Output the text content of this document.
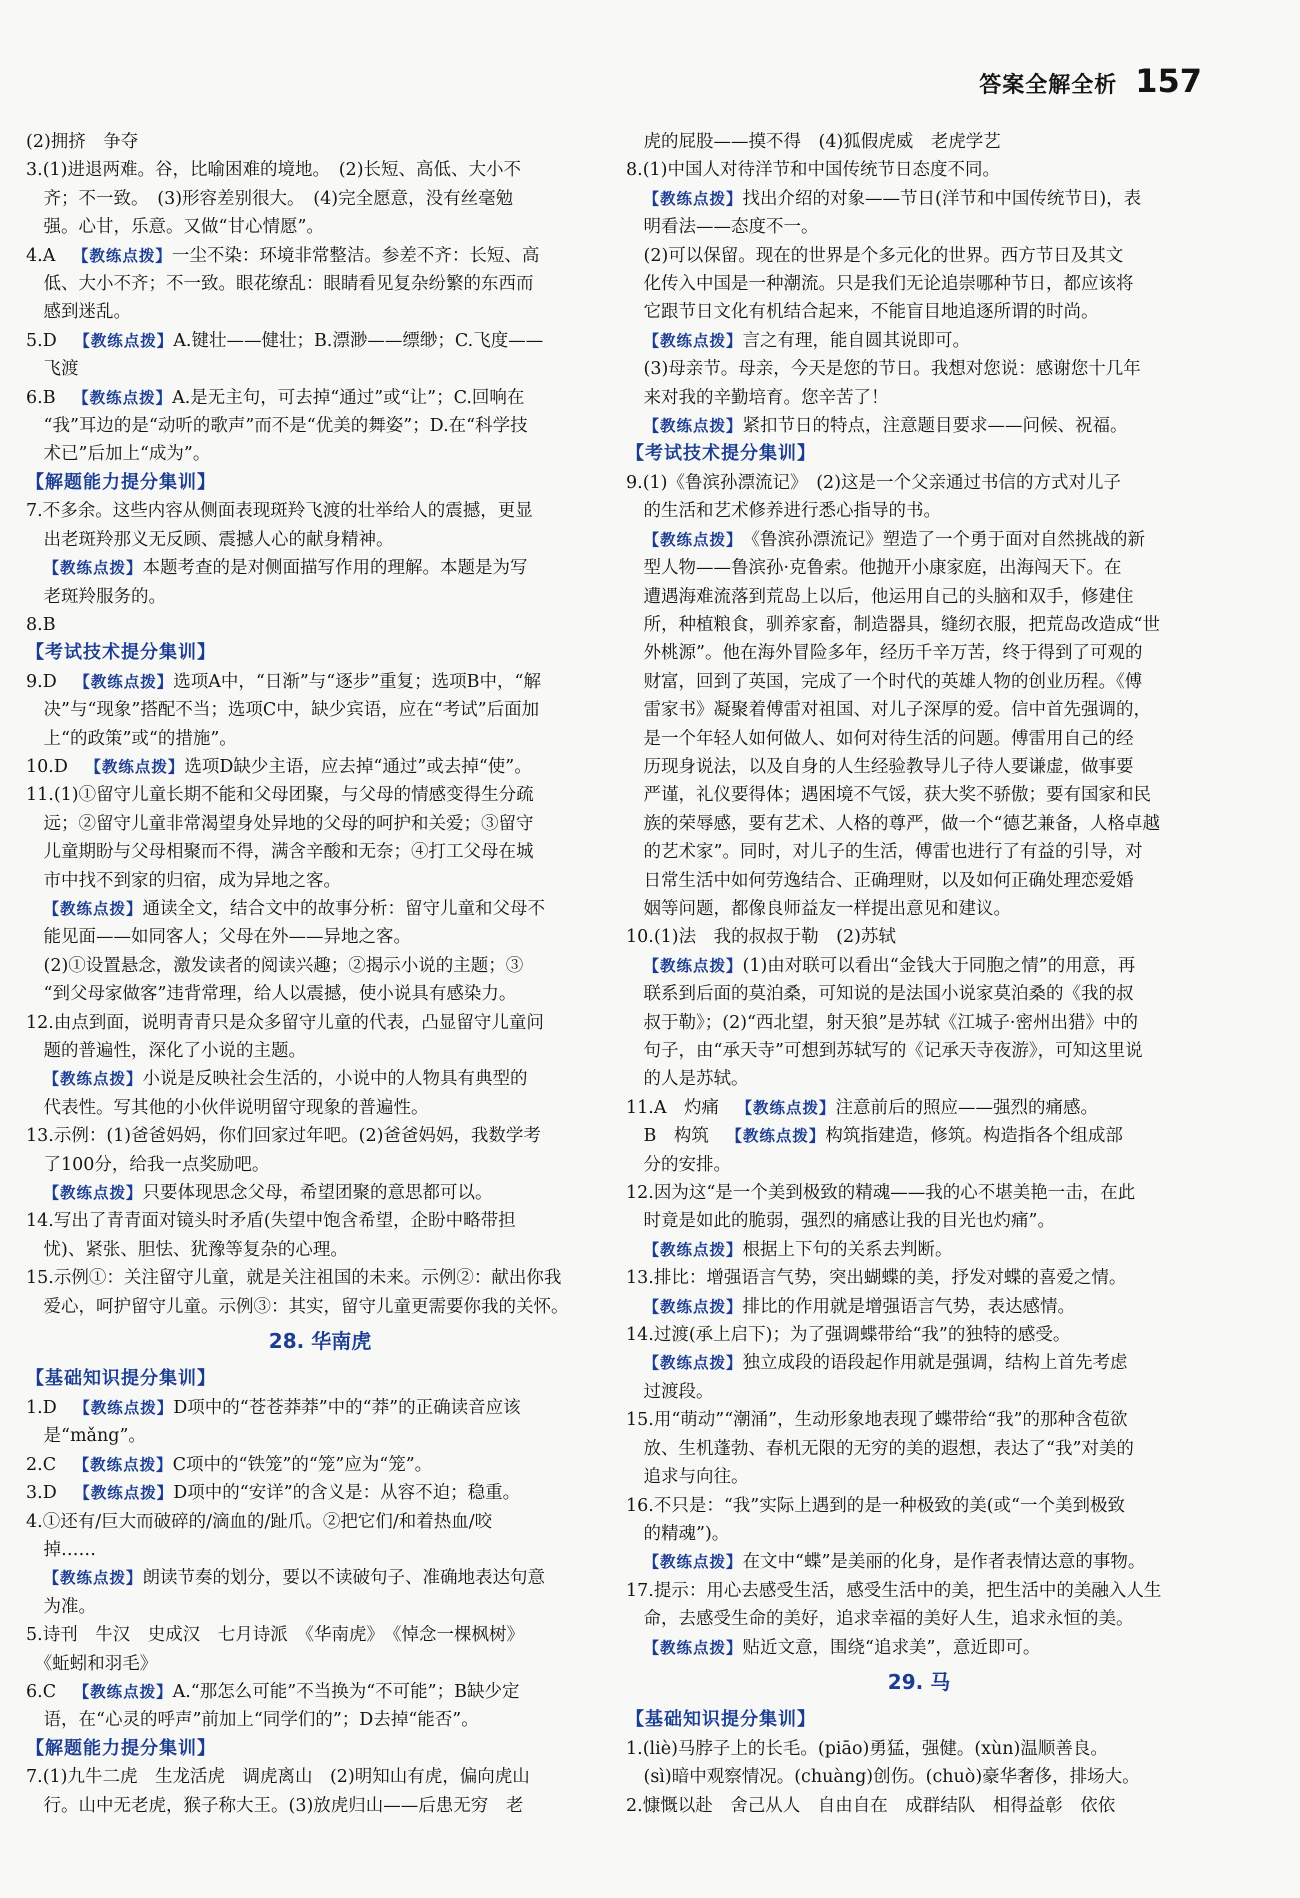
答案全解全析 157
(2)拥挤　争夺
3.(1)进退两难。谷，比喻困难的境地。　(2)长短、高低、大小不
　齐；不一致。　(3)形容差别很大。　(4)完全愿意，没有丝毫勉
　强。心甘，乐意。又做“甘心情愿”。
4.A　【教练点拨】一尘不染：环境非常整洁。参差不齐：长短、高
　低、大小不齐；不一致。眼花缭乱：眼睛看见复杂纷繁的东西而
　感到迷乱。
5.D　【教练点拨】A.键壮——健壮；B.漂渺——缥缈；C.飞度——
　飞渡
6.B　【教练点拨】A.是无主句，可去掉“通过”或“让”；C.回响在
　“我”耳边的是“动听的歌声”而不是“优美的舞姿”；D.在“科学技
　术已”后加上“成为”。
【解题能力提分集训】
7.不多余。这些内容从侧面表现斑羚飞渡的壮举给人的震撼，更显
　出老斑羚那义无反顾、震撼人心的献身精神。
　【教练点拨】本题考查的是对侧面描写作用的理解。本题是为写
　老斑羚服务的。
8.B
【考试技术提分集训】
9.D　【教练点拨】选项A中，“日渐”与“逐步”重复；选项B中，“解
　决”与“现象”搭配不当；选项C中，缺少宾语，应在“考试”后面加
　上“的政策”或“的措施”。
10.D　【教练点拨】选项D缺少主语，应去掉“通过”或去掉“使”。
11.(1)①留守儿童长期不能和父母团聚，与父母的情感变得生分疏
　远；②留守儿童非常渴望身处异地的父母的呵护和关爱；③留守
　儿童期盼与父母相聚而不得，满含辛酸和无奈；④打工父母在城
　市中找不到家的归宿，成为异地之客。
　【教练点拨】通读全文，结合文中的故事分析：留守儿童和父母不
　能见面——如同客人；父母在外——异地之客。
　(2)①设置悬念，激发读者的阅读兴趣；②揭示小说的主题；③
　“到父母家做客”违背常理，给人以震撼，使小说具有感染力。
12.由点到面，说明青青只是众多留守儿童的代表，凸显留守儿童问
　题的普遍性，深化了小说的主题。
　【教练点拨】小说是反映社会生活的，小说中的人物具有典型的
　代表性。写其他的小伙伴说明留守现象的普遍性。
13.示例：(1)爸爸妈妈，你们回家过年吧。(2)爸爸妈妈，我数学考
　了100分，给我一点奖励吧。
　【教练点拨】只要体现思念父母，希望团聚的意思都可以。
14.写出了青青面对镜头时矛盾(失望中饱含希望，企盼中略带担
　忧)、紧张、胆怯、犹豫等复杂的心理。
15.示例①：关注留守儿童，就是关注祖国的未来。示例②：献出你我
　爱心，呵护留守儿童。示例③：其实，留守儿童更需要你我的关怀。
28. 华南虎
【基础知识提分集训】
1.D　【教练点拨】D项中的“苍苍莽莽”中的“莽”的正确读音应该
　是“mǎng”。
2.C　【教练点拨】C项中的“铁笼”的“笼”应为“笼”。
3.D　【教练点拨】D项中的“安详”的含义是：从容不迫；稳重。
4.①还有/巨大而破碎的/滴血的/趾爪。②把它们/和着热血/咬
　掉……
　【教练点拨】朗读节奏的划分，要以不读破句子、准确地表达句意
　为准。
5.诗刊　牛汉　史成汉　七月诗派　《华南虎》　《悼念一棵枫树》
　《蚯蚓和羽毛》
6.C　【教练点拨】A.“那怎么可能”不当换为“不可能”；B缺少定
　语，在“心灵的呼声”前加上“同学们的”；D去掉“能否”。
【解题能力提分集训】
7.(1)九牛二虎　生龙活虎　调虎离山　(2)明知山有虎，偏向虎山
　行。山中无老虎，猴子称大王。(3)放虎归山——后患无穷　老
　虎的屁股——摸不得　(4)狐假虎威　老虎学艺
8.(1)中国人对待洋节和中国传统节日态度不同。
　【教练点拨】找出介绍的对象——节日(洋节和中国传统节日)，表
　明看法——态度不一。
　(2)可以保留。现在的世界是个多元化的世界。西方节日及其文
　化传入中国是一种潮流。只是我们无论追崇哪种节日，都应该将
　它跟节日文化有机结合起来，不能盲目地追逐所谓的时尚。
　【教练点拨】言之有理，能自圆其说即可。
　(3)母亲节。母亲，今天是您的节日。我想对您说：感谢您十几年
　来对我的辛勤培育。您辛苦了！
　【教练点拨】紧扣节日的特点，注意题目要求——问候、祝福。
【考试技术提分集训】
9.(1)《鲁滨孙漂流记》　(2)这是一个父亲通过书信的方式对儿子
　的生活和艺术修养进行悉心指导的书。
　【教练点拨】《鲁滨孙漂流记》塑造了一个勇于面对自然挑战的新
　型人物——鲁滨孙·克鲁索。他抛开小康家庭，出海闯天下。在
　遭遇海难流落到荒岛上以后，他运用自己的头脑和双手，修建住
　所，种植粮食，驯养家畜，制造器具，缝纫衣服，把荒岛改造成“世
　外桃源”。他在海外冒险多年，经历千辛万苦，终于得到了可观的
　财富，回到了英国，完成了一个时代的英雄人物的创业历程。《傅
　雷家书》凝聚着傅雷对祖国、对儿子深厚的爱。信中首先强调的，
　是一个年轻人如何做人、如何对待生活的问题。傅雷用自己的经
　历现身说法，以及自身的人生经验教导儿子待人要谦虚，做事要
　严谨，礼仪要得体；遇困境不气馁，获大奖不骄傲；要有国家和民
　族的荣辱感，要有艺术、人格的尊严，做一个“德艺兼备，人格卓越
　的艺术家”。同时，对儿子的生活，傅雷也进行了有益的引导，对
　日常生活中如何劳逸结合、正确理财，以及如何正确处理恋爱婚
　姻等问题，都像良师益友一样提出意见和建议。
10.(1)法　我的叔叔于勒　(2)苏轼
　【教练点拨】(1)由对联可以看出“金钱大于同胞之情”的用意，再
　联系到后面的莫泊桑，可知说的是法国小说家莫泊桑的《我的叔
　叔于勒》；(2)“西北望，射天狼”是苏轼《江城子·密州出猎》中的
　句子，由“承天寺”可想到苏轼写的《记承天寺夜游》，可知这里说
　的人是苏轼。
11.A　灼痛　【教练点拨】注意前后的照应——强烈的痛感。
　B　构筑　【教练点拨】构筑指建造，修筑。构造指各个组成部
　分的安排。
12.因为这“是一个美到极致的精魂——我的心不堪美艳一击，在此
　时竟是如此的脆弱，强烈的痛感让我的目光也灼痛”。
　【教练点拨】根据上下句的关系去判断。
13.排比：增强语言气势，突出蝴蝶的美，抒发对蝶的喜爱之情。
　【教练点拨】排比的作用就是增强语言气势，表达感情。
14.过渡(承上启下)；为了强调蝶带给“我”的独特的感受。
　【教练点拨】独立成段的语段起作用就是强调，结构上首先考虑
　过渡段。
15.用“萌动”“潮涌”，生动形象地表现了蝶带给“我”的那种含苞欲
　放、生机蓬勃、春机无限的无穷的美的遐想，表达了“我”对美的
　追求与向往。
16.不只是：“我”实际上遇到的是一种极致的美(或“一个美到极致
　的精魂”)。
　【教练点拨】在文中“蝶”是美丽的化身，是作者表情达意的事物。
17.提示：用心去感受生活，感受生活中的美，把生活中的美融入人生
　命，去感受生命的美好，追求幸福的美好人生，追求永恒的美。
　【教练点拨】贴近文意，围绕“追求美”，意近即可。
29. 马
【基础知识提分集训】
1.(liè)马脖子上的长毛。(piāo)勇猛，强健。(xùn)温顺善良。
　(sì)暗中观察情况。(chuàng)创伤。(chuò)豪华奢侈，排场大。
2.慷慨以赴　舍己从人　自由自在　成群结队　相得益彰　依依
